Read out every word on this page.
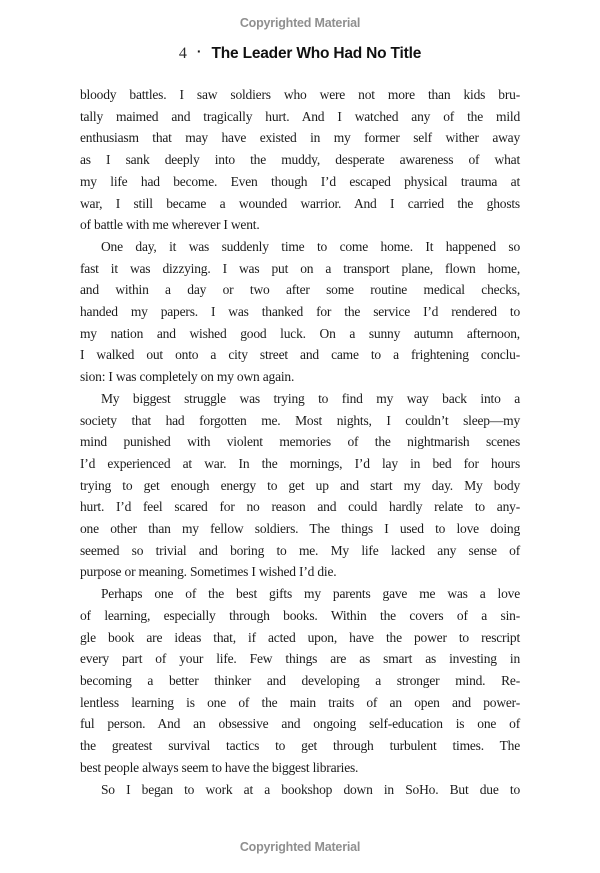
Copyrighted Material
4 · The Leader Who Had No Title
bloody battles. I saw soldiers who were not more than kids bru-
tally maimed and tragically hurt. And I watched any of the mild
enthusiasm that may have existed in my former self wither away
as I sank deeply into the muddy, desperate awareness of what
my life had become. Even though I’d escaped physical trauma at
war, I still became a wounded warrior. And I carried the ghosts
of battle with me wherever I went.
One day, it was suddenly time to come home. It happened so
fast it was dizzying. I was put on a transport plane, flown home,
and within a day or two after some routine medical checks,
handed my papers. I was thanked for the service I’d rendered to
my nation and wished good luck. On a sunny autumn afternoon,
I walked out onto a city street and came to a frightening conclu-
sion: I was completely on my own again.
My biggest struggle was trying to find my way back into a
society that had forgotten me. Most nights, I couldn’t sleep—my
mind punished with violent memories of the nightmarish scenes
I’d experienced at war. In the mornings, I’d lay in bed for hours
trying to get enough energy to get up and start my day. My body
hurt. I’d feel scared for no reason and could hardly relate to any-
one other than my fellow soldiers. The things I used to love doing
seemed so trivial and boring to me. My life lacked any sense of
purpose or meaning. Sometimes I wished I’d die.
Perhaps one of the best gifts my parents gave me was a love
of learning, especially through books. Within the covers of a sin-
gle book are ideas that, if acted upon, have the power to rescript
every part of your life. Few things are as smart as investing in
becoming a better thinker and developing a stronger mind. Re-
lentless learning is one of the main traits of an open and power-
ful person. And an obsessive and ongoing self-education is one of
the greatest survival tactics to get through turbulent times. The
best people always seem to have the biggest libraries.
So I began to work at a bookshop down in SoHo. But due to
Copyrighted Material
